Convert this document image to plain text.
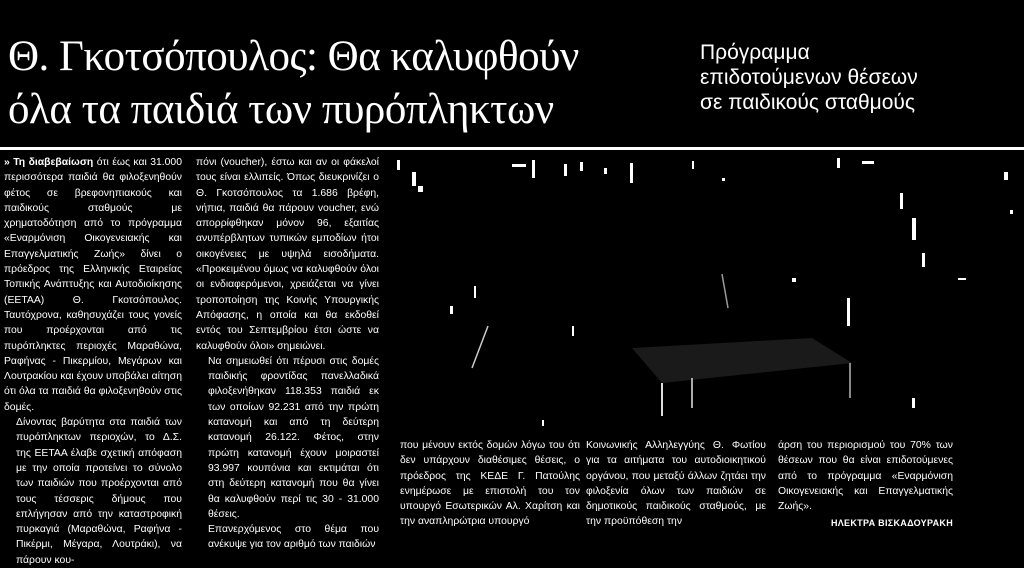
Θ. Γκοτσόπουλος: Θα καλυφθούν
όλα τα παιδιά των πυρόπληκτων
Πρόγραμμα
επιδοτούμενων θέσεων
σε παιδικούς σταθμούς
» Τη διαβεβαίωση ότι έως και 31.000 περισσότερα παιδιά θα φιλοξενηθούν φέτος σε βρεφονηπιακούς και παιδικούς σταθμούς με χρηματοδότηση από το πρόγραμμα «Εναρμόνιση Οικογενειακής και Επαγγελματικής Ζωής» δίνει ο πρόεδρος της Ελληνικής Εταιρείας Τοπικής Ανάπτυξης και Αυτοδιοίκησης (ΕΕΤΑΑ) Θ. Γκοτσόπουλος. Ταυτόχρονα, καθησυχάζει τους γονείς που προέρχονται από τις πυρόπληκτες περιοχές Μαραθώνα, Ραφήνας - Πικερμίου, Μεγάρων και Λουτρακίου και έχουν υποβάλει αίτηση ότι όλα τα παιδιά θα φιλοξενηθούν στις δομές.
Δίνοντας βαρύτητα στα παιδιά των πυρόπληκτων περιοχών, το Δ.Σ. της ΕΕΤΑΑ έλαβε σχετική απόφαση με την οποία προτείνει το σύνολο των παιδιών που προέρχονται από τους τέσσερις δήμους που επλήγησαν από την καταστροφική πυρκαγιά (Μαραθώνα, Ραφήνα - Πικέρμι, Μέγαρα, Λουτράκι), να πάρουν κου-
πόνι (voucher), έστω και αν οι φάκελοί τους είναι ελλιπείς. Όπως διευκρινίζει ο Θ. Γκοτσόπουλος τα 1.686 βρέφη, νήπια, παιδιά θα πάρουν voucher, ενώ απορρίφθηκαν μόνον 96, εξαιτίας ανυπέρβλητων τυπικών εμποδίων ήτοι οικογένειες με υψηλά εισοδήματα. «Προκειμένου όμως να καλυφθούν όλοι οι ενδιαφερόμενοι, χρειάζεται να γίνει τροποποίηση της Κοινής Υπουργικής Απόφασης, η οποία και θα εκδοθεί εντός του Σεπτεμβρίου έτσι ώστε να καλυφθούν όλοι» σημειώνει.
Να σημειωθεί ότι πέρυσι στις δομές παιδικής φροντίδας πανελλαδικά φιλοξενήθηκαν 118.353 παιδιά εκ των οποίων 92.231 από την πρώτη κατανομή και από τη δεύτερη κατανομή 26.122. Φέτος, στην πρώτη κατανομή έχουν μοιραστεί 93.997 κουπόνια και εκτιμάται ότι στη δεύτερη κατανομή που θα γίνει θα καλυφθούν περί τις 30 - 31.000 θέσεις.
Επανερχόμενος στο θέμα που ανέκυψε για τον αριθμό των παιδιών
που μένουν εκτός δομών λόγω του ότι δεν υπάρχουν διαθέσιμες θέσεις, ο πρόεδρος της ΚΕΔΕ Γ. Πατούλης ενημέρωσε με επιστολή του τον υπουργό Εσωτερικών Αλ. Χαρίτση και την αναπληρώτρια υπουργό
Κοινωνικής Αλληλεγγύης Θ. Φωτίου για τα αιτήματα του αυτοδιοικητικού οργάνου, που μεταξύ άλλων ζητάει την φιλοξενία όλων των παιδιών σε δημοτικούς παιδικούς σταθμούς, με την προϋπόθεση την
άρση του περιορισμού του 70% των θέσεων που θα είναι επιδοτούμενες από το πρόγραμμα «Εναρμόνιση Οικογενειακής και Επαγγελματικής Ζωής».
ΗΛΕΚΤΡΑ ΒΙΣΚΑΔΟΥΡΑΚΗ
